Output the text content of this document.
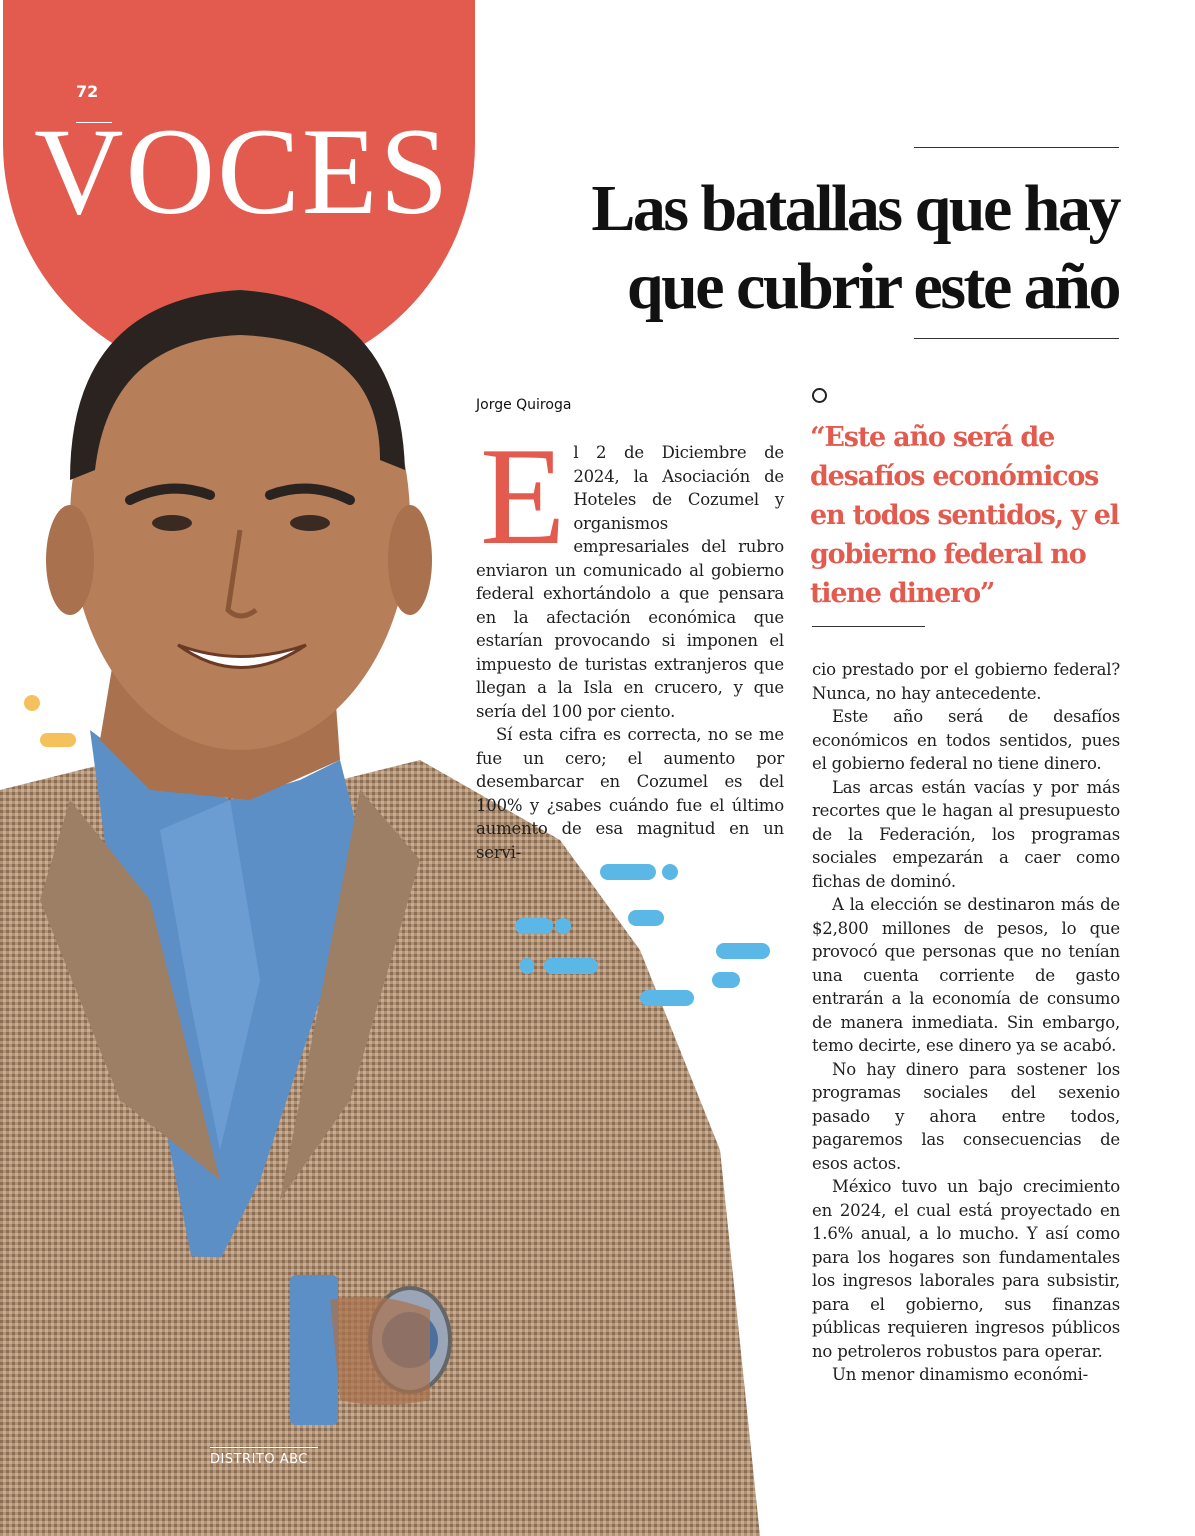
72
VOCES	Las batallas que hay que cubrir este año
Jorge Quiroga
“Este año será de desafíos económicos en todos sentidos, y el gobierno federal no tiene dinero”

El 2 de Diciembre de 2024, la Asociación de Hoteles de Cozumel y organismos empresariales del rubro enviaron un comunicado al gobierno federal exhortándolo a que pensara en la afectación económica que estarían provocando si imponen el impuesto de turistas extranjeros que llegan a la Isla en crucero, y que sería del 100 por ciento.

Sí esta cifra es correcta, no se me fue un cero; el aumento por desembarcar en Cozumel es del 100% y ¿sabes cuándo fue el último aumento de esa magnitud en un servi-

cio prestado por el gobierno federal? Nunca, no hay antecedente.

Este año será de desafíos económicos en todos sentidos, pues el gobierno federal no tiene dinero.

Las arcas están vacías y por más recortes que le hagan al presupuesto de la Federación, los programas sociales empezarán a caer como fichas de dominó.

A la elección se destinaron más de $2,800 millones de pesos, lo que provocó que personas que no tenían una cuenta corriente de gasto entrarán a la economía de consumo de manera inmediata. Sin embargo, temo decirte, ese dinero ya se acabó.

No hay dinero para sostener los programas sociales del sexenio pasado y ahora entre todos, pagaremos las consecuencias de esos actos.

México tuvo un bajo crecimiento en 2024, el cual está proyectado en 1.6% anual, a lo mucho. Y así como para los hogares son fundamentales los ingresos laborales para subsistir, para el gobierno, sus finanzas públicas requieren ingresos públicos no petroleros robustos para operar.

Un menor dinamismo económi-

DISTRITO ABC
